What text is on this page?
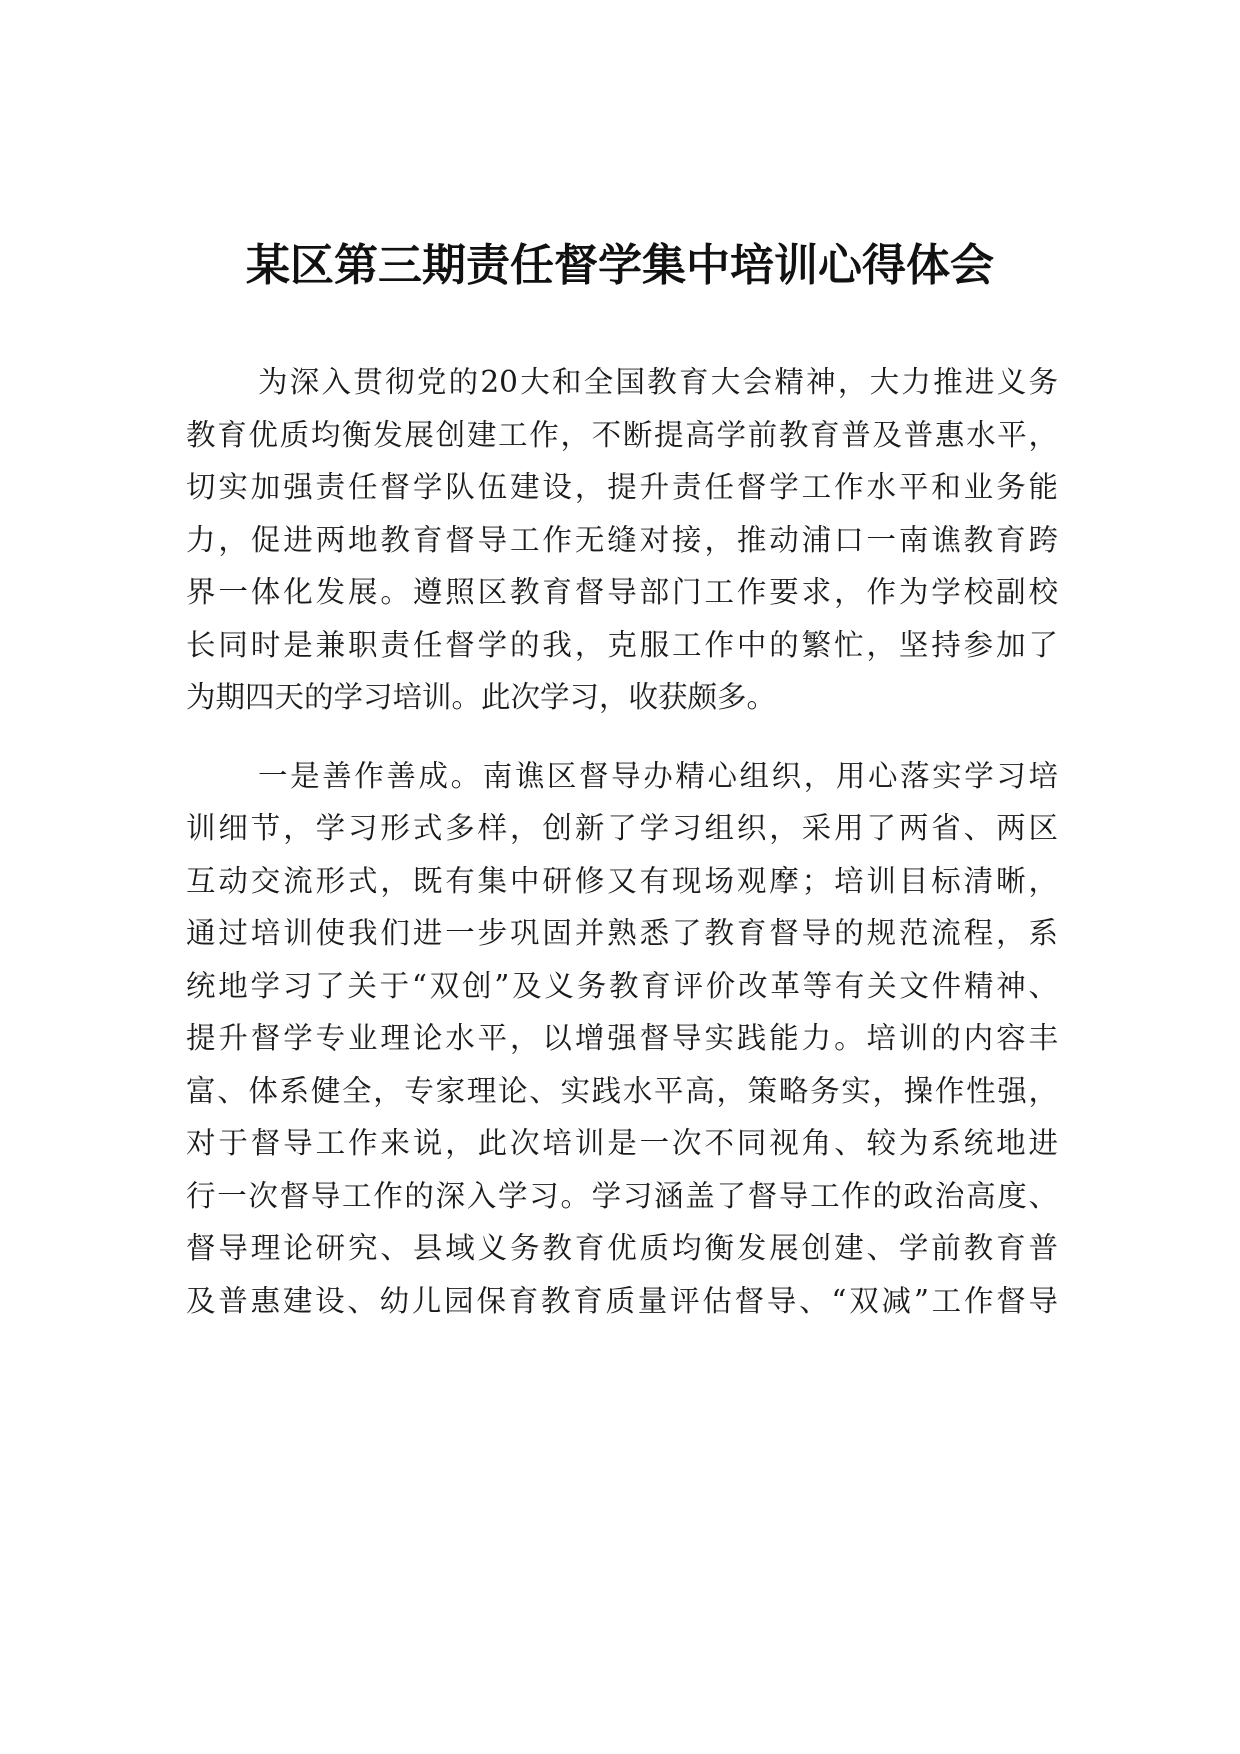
某区第三期责任督学集中培训心得体会
为深入贯彻党的20大和全国教育大会精神，大力推进义务
教育优质均衡发展创建工作，不断提高学前教育普及普惠水平，
切实加强责任督学队伍建设，提升责任督学工作水平和业务能
力，促进两地教育督导工作无缝对接，推动浦口一南谯教育跨
界一体化发展。遵照区教育督导部门工作要求，作为学校副校
长同时是兼职责任督学的我，克服工作中的繁忙，坚持参加了
为期四天的学习培训。此次学习，收获颇多。
一是善作善成。南谯区督导办精心组织，用心落实学习培
训细节，学习形式多样，创新了学习组织，采用了两省、两区
互动交流形式，既有集中研修又有现场观摩；培训目标清晰，
通过培训使我们进一步巩固并熟悉了教育督导的规范流程，系
统地学习了关于“双创”及义务教育评价改革等有关文件精神、
提升督学专业理论水平，以增强督导实践能力。培训的内容丰
富、体系健全，专家理论、实践水平高，策略务实，操作性强，
对于督导工作来说，此次培训是一次不同视角、较为系统地进
行一次督导工作的深入学习。学习涵盖了督导工作的政治高度、
督导理论研究、县域义务教育优质均衡发展创建、学前教育普
及普惠建设、幼儿园保育教育质量评估督导、“双减”工作督导
